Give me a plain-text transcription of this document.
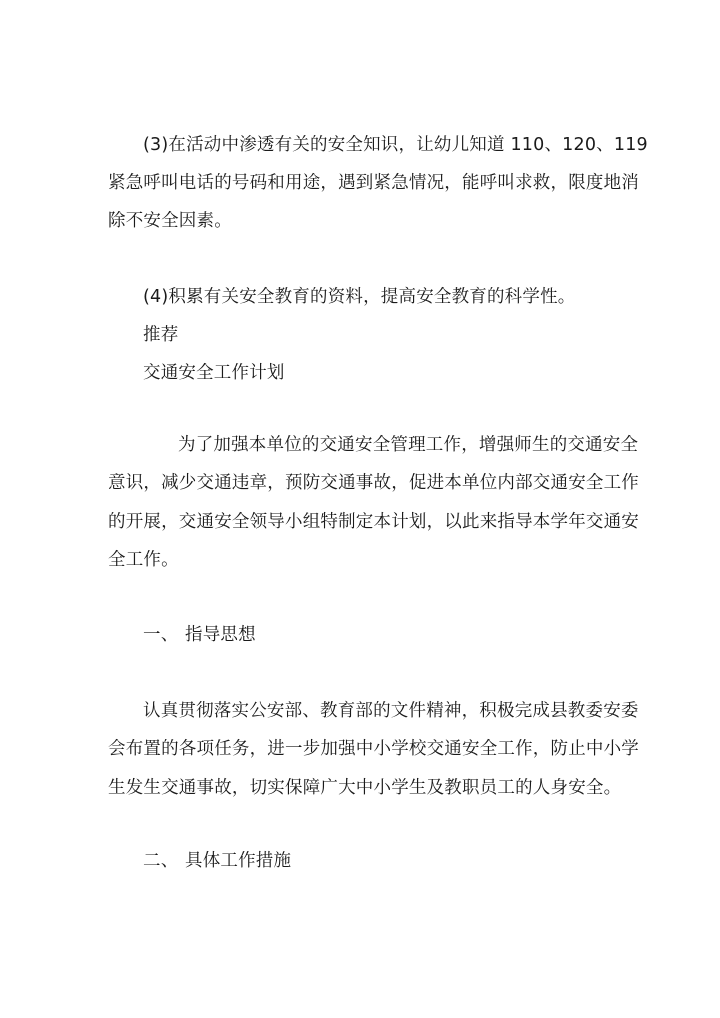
(3)在活动中渗透有关的安全知识，让幼儿知道 110、120、119

紧急呼叫电话的号码和用途，遇到紧急情况，能呼叫求救，限度地消

除不安全因素。

(4)积累有关安全教育的资料，提高安全教育的科学性。

推荐

交通安全工作计划

为了加强本单位的交通安全管理工作，增强师生的交通安全

意识，减少交通违章，预防交通事故，促进本单位内部交通安全工作

的开展，交通安全领导小组特制定本计划，以此来指导本学年交通安

全工作。

一、 指导思想

认真贯彻落实公安部、教育部的文件精神，积极完成县教委安委

会布置的各项任务，进一步加强中小学校交通安全工作，防止中小学

生发生交通事故，切实保障广大中小学生及教职员工的人身安全。

二、 具体工作措施
